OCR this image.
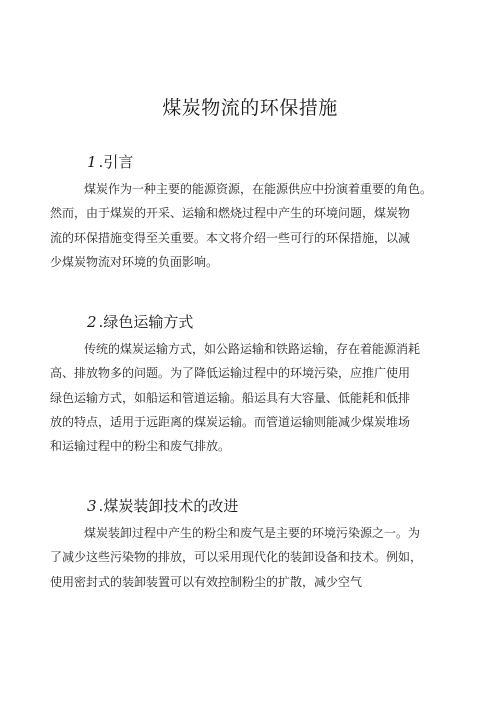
煤炭物流的环保措施
1 .引言
煤炭作为一种主要的能源资源，在能源供应中扮演着重要的角色。
然而，由于煤炭的开采、运输和燃烧过程中产生的环境问题，煤炭物
流的环保措施变得至关重要。本文将介绍一些可行的环保措施，以减
少煤炭物流对环境的负面影响。
2 .绿色运输方式
传统的煤炭运输方式，如公路运输和铁路运输，存在着能源消耗
高、排放物多的问题。为了降低运输过程中的环境污染，应推广使用
绿色运输方式，如船运和管道运输。船运具有大容量、低能耗和低排
放的特点，适用于远距离的煤炭运输。而管道运输则能减少煤炭堆场
和运输过程中的粉尘和废气排放。
3 .煤炭装卸技术的改进
煤炭装卸过程中产生的粉尘和废气是主要的环境污染源之一。为
了减少这些污染物的排放，可以采用现代化的装卸设备和技术。例如，
使用密封式的装卸装置可以有效控制粉尘的扩散，减少空气
